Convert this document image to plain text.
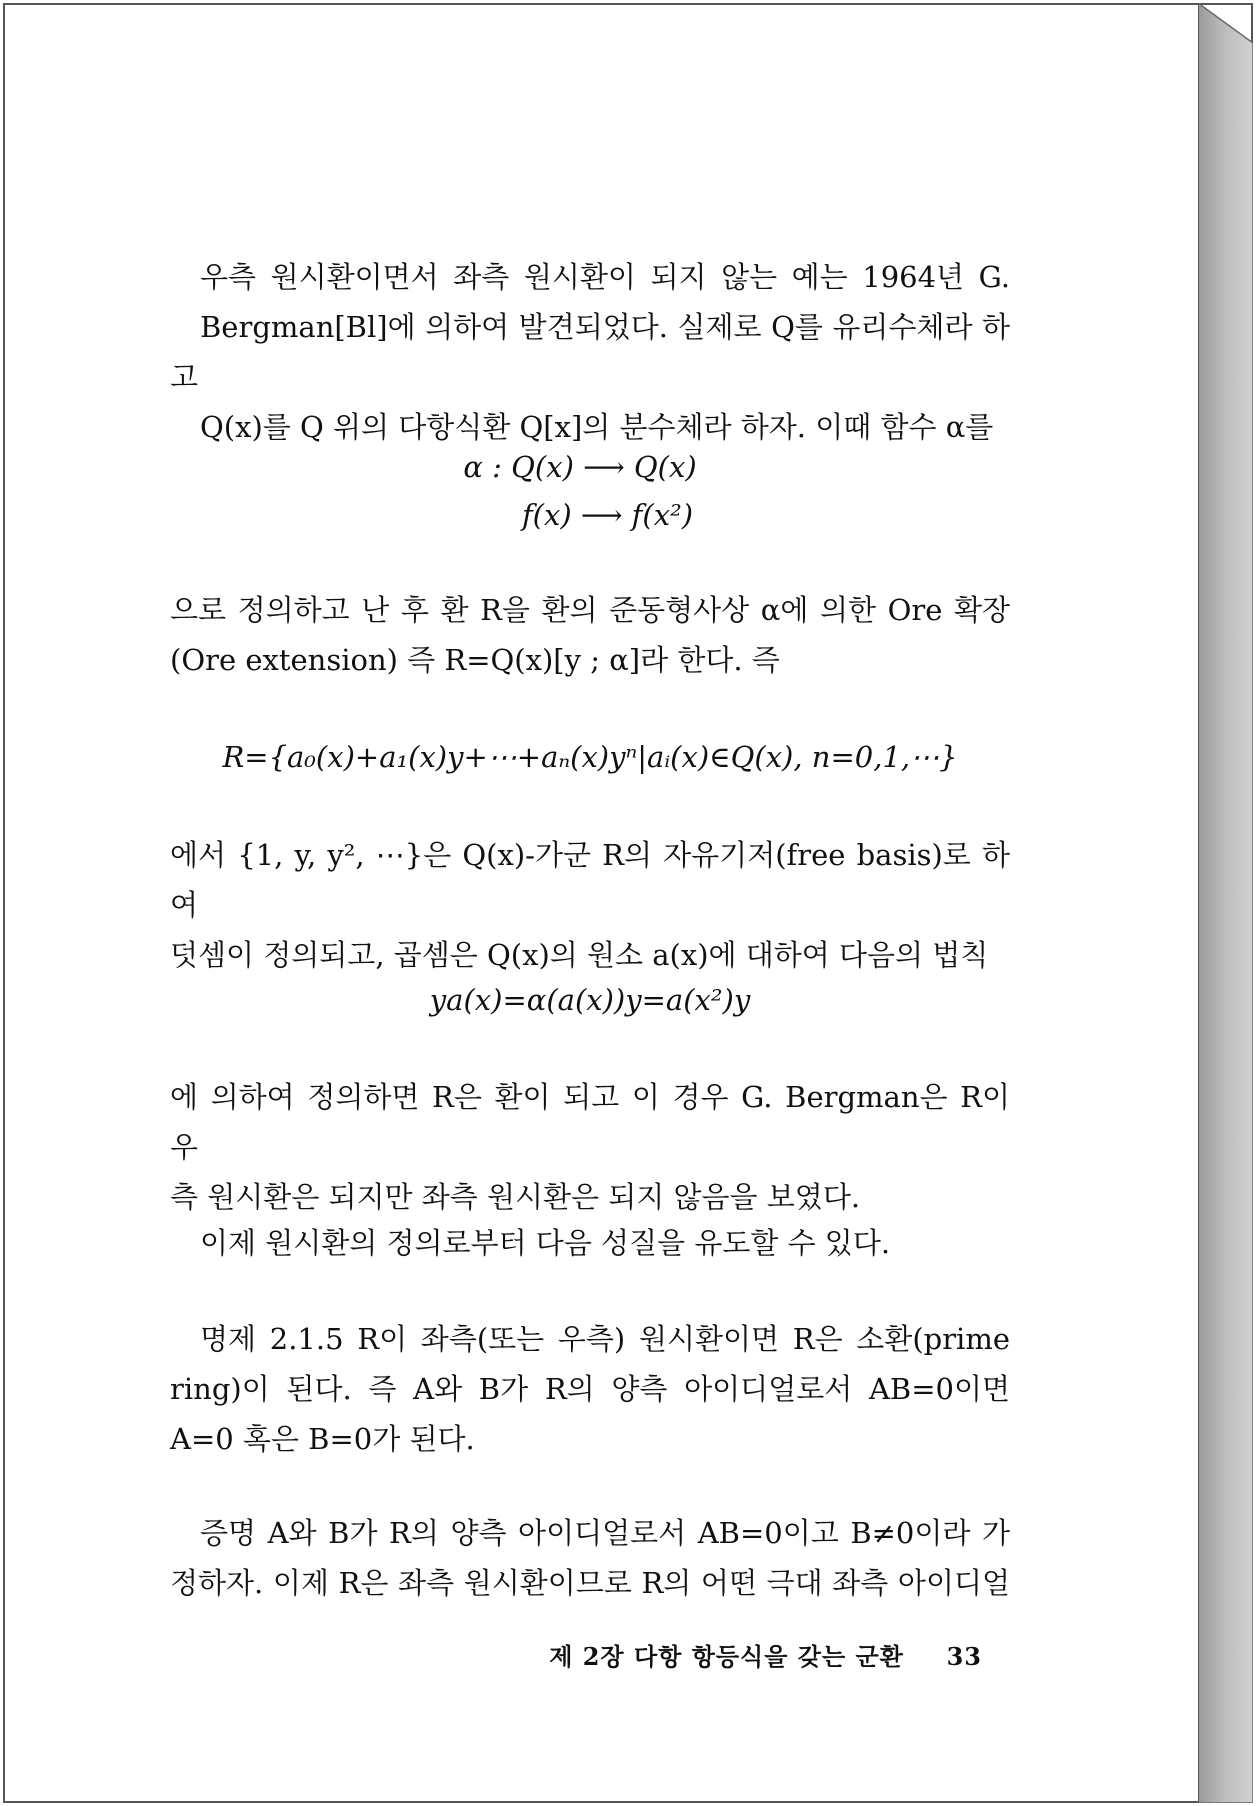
우측 원시환이면서 좌측 원시환이 되지 않는 예는 1964년 G.
Bergman[Bl]에 의하여 발견되었다. 실제로 Q를 유리수체라 하고
Q(x)를 Q 위의 다항식환 Q[x]의 분수체라 하자. 이때 함수 α를

α : Q(x) ⟶ Q(x)
f(x) ⟶ f(x²)

으로 정의하고 난 후 환 R을 환의 준동형사상 α에 의한 Ore 확장
(Ore extension) 즉 R=Q(x)[y ; α]라 한다. 즉

R={a₀(x)+a₁(x)y+⋯+aₙ(x)yⁿ|aᵢ(x)∈Q(x), n=0,1,⋯}

에서 {1, y, y², ⋯}은 Q(x)-가군 R의 자유기저(free basis)로 하여
덧셈이 정의되고, 곱셈은 Q(x)의 원소 a(x)에 대하여 다음의 법칙

ya(x)=α(a(x))y=a(x²)y

에 의하여 정의하면 R은 환이 되고 이 경우 G. Bergman은 R이 우
측 원시환은 되지만 좌측 원시환은 되지 않음을 보였다.

이제 원시환의 정의로부터 다음 성질을 유도할 수 있다.

명제 2.1.5 R이 좌측(또는 우측) 원시환이면 R은 소환(prime
ring)이 된다. 즉 A와 B가 R의 양측 아이디얼로서 AB=0이면
A=0 혹은 B=0가 된다.

증명 A와 B가 R의 양측 아이디얼로서 AB=0이고 B≠0이라 가
정하자. 이제 R은 좌측 원시환이므로 R의 어떤 극대 좌측 아이디얼

제 2장 다항 항등식을 갖는 군환 33
